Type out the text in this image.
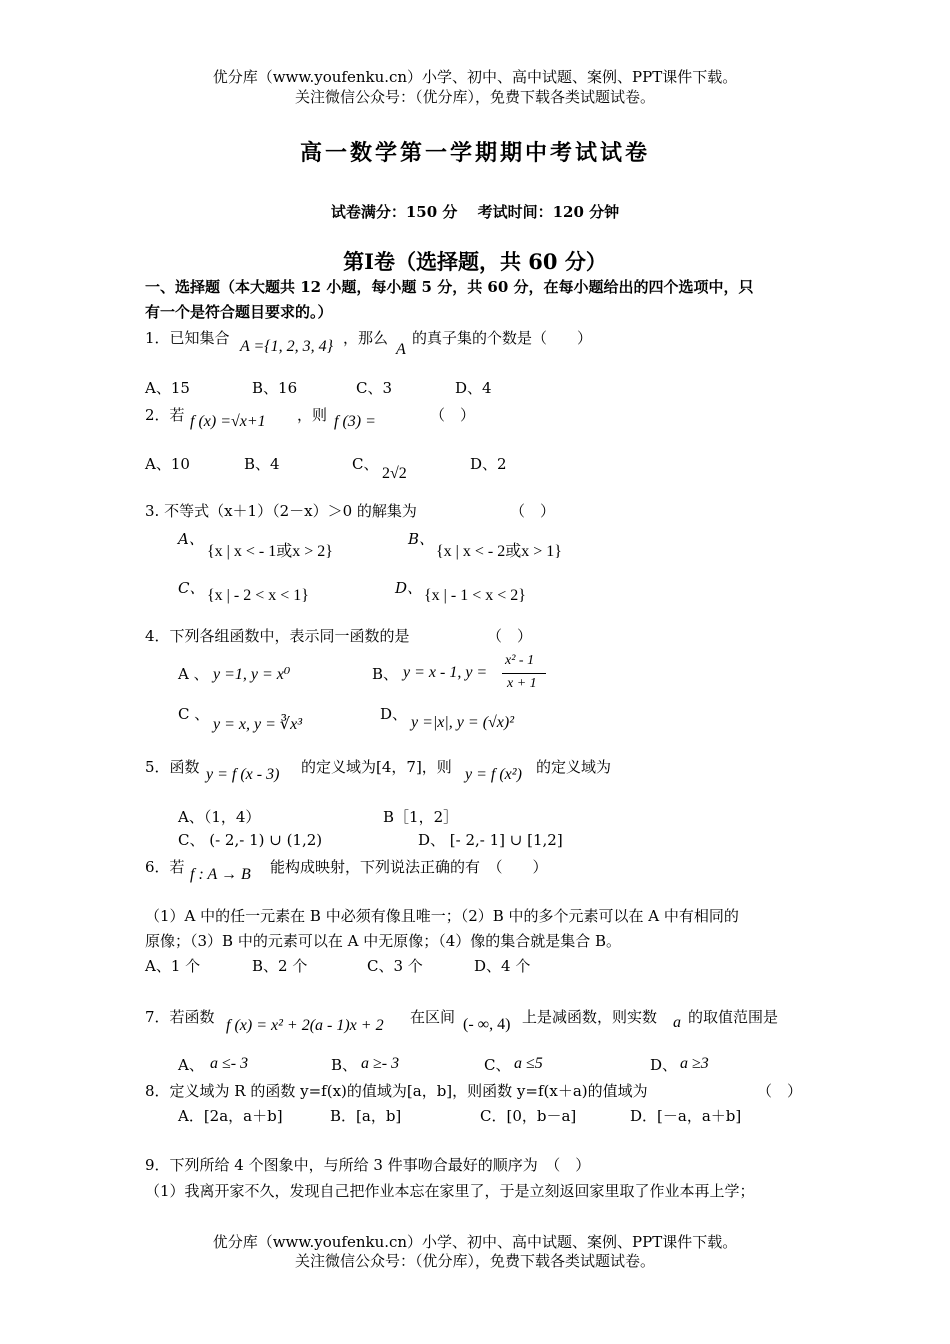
优分库（www.youfenku.cn）小学、初中、高中试题、案例、PPT课件下载。
关注微信公众号：（优分库），免费下载各类试题试卷。
高一数学第一学期期中考试试卷
试卷满分：150 分　 考试时间：120 分钟
第Ⅰ卷（选择题，共 60 分）
一、选择题（本大题共 12 小题，每小题 5 分，共 60 分，在每小题给出的四个选项中，只
有一个是符合题目要求的。）
1．已知集合 A ={1, 2, 3, 4} ，那么
A
的真子集的个数是（　　）
A、15	B、16	C、3	D、4
2．若 f (x) =√x+1 ，则 f (3) =	（　）
A、10	B、4	C、
2√2
D、2
3. 不等式（x＋1）（2－x）＞0 的解集为	（　）
A、
{x | x < - 1或x > 2}
B、
{x | x < - 2或x > 1}
C、 {x | - 2 < x < 1}	D、 {x | - 1 < x < 2}
4．下列各组函数中，表示同一函数的是	（　）
A 、 y =1, y = x⁰	B、 y = x - 1, y =
x² - 1
x + 1
C 、
y = x, y = ∛x³
D、 y =|x|, y = (√x)²
5．函数 y = f (x - 3) 的定义域为[4，7]，则 y = f (x²) 的定义域为
A、（1，4）	B［1，2］
C、 (- 2,- 1) ∪ (1,2)	D、 [- 2,- 1] ∪ [1,2]
6．若 f : A → B 能构成映射，下列说法正确的有　（　　）
（1）A 中的任一元素在 B 中必须有像且唯一；（2）B 中的多个元素可以在 A 中有相同的
原像；（3）B 中的元素可以在 A 中无原像；（4）像的集合就是集合 B。
A、1 个	B、2 个	C、3 个	D、4 个
7．若函数 f (x) = x² + 2(a - 1)x + 2 在区间 (- ∞, 4) 上是减函数，则实数 a 的取值范围是
A、 a ≤- 3	B、 a ≥- 3	C、 a ≤5	D、 a ≥3
8．定义域为 R 的函数 y=f(x)的值域为[a，b]，则函数 y=f(x＋a)的值域为	（　）
A．[2a，a＋b]	B．[a，b]	C．[0，b－a]	D．[－a，a＋b]
9．下列所给 4 个图象中，与所给 3 件事吻合最好的顺序为　（　）
（1）我离开家不久，发现自己把作业本忘在家里了，于是立刻返回家里取了作业本再上学；
优分库（www.youfenku.cn）小学、初中、高中试题、案例、PPT课件下载。
关注微信公众号：（优分库），免费下载各类试题试卷。
